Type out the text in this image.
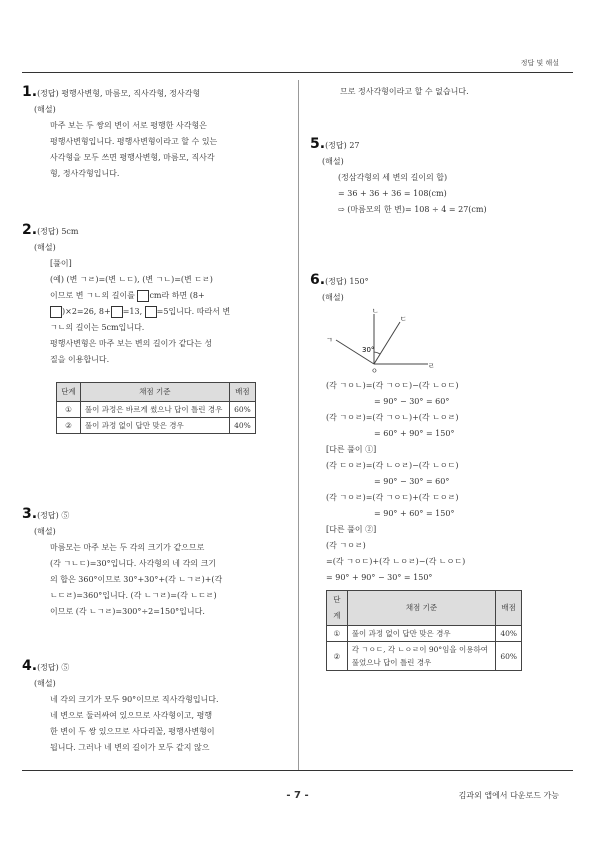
정답 및 해설
1.(정답) 평행사변형, 마름모, 직사각형, 정사각형
(해설)
마주 보는 두 쌍의 변이 서로 평행한 사각형은
평행사변형입니다. 평행사변형이라고 할 수 있는
사각형을 모두 쓰면 평행사변형, 마름모, 직사각
형, 정사각형입니다.
2.(정답) 5cm
(해설)
[풀이]
(예) (변 ㄱㄹ)=(변 ㄴㄷ), (변 ㄱㄴ)=(변 ㄷㄹ)
이므로 변 ㄱㄴ의 길이를 cm라 하면 (8+
)×2=26, 8+ =13, =5입니다. 따라서 변
ㄱㄴ의 길이는 5cm입니다.
평행사변형은 마주 보는 변의 길이가 같다는 성
질을 이용합니다.
단계	채점 기준	배점
①	풀이 과정은 바르게 썼으나 답이 틀린 경우	60%
②	풀이 과정 없이 답만 맞은 경우	40%
3.(정답) ⑤
(해설)
마름모는 마주 보는 두 각의 크기가 같으므로
(각 ㄱㄴㄷ)=30°입니다. 사각형의 네 각의 크기
의 합은 360°이므로 30°+30°+(각 ㄴㄱㄹ)+(각
ㄴㄷㄹ)=360°입니다. (각 ㄴㄱㄹ)=(각 ㄴㄷㄹ)
이므로 (각 ㄴㄱㄹ)=300°÷2=150°입니다.
4.(정답) ⑤
(해설)
네 각의 크기가 모두 90°이므로 직사각형입니다.
네 변으로 둘러싸여 있으므로 사각형이고, 평행
한 변이 두 쌍 있으므로 사다리꼴, 평행사변형이
됩니다. 그러나 네 변의 길이가 모두 같지 않으
므로 정사각형이라고 할 수 없습니다.
5.(정답) 27
(해설)
(정삼각형의 세 변의 길이의 합)
= 36 + 36 + 36 = 108(cm)
⇨ (마름모의 한 변)= 108 ÷ 4 = 27(cm)
6.(정답) 150°
(해설)
ㄴ
ㄷ
ㄱ
ㄹ
ㅇ
30°
(각 ㄱㅇㄴ)=(각 ㄱㅇㄷ)−(각 ㄴㅇㄷ)
= 90° − 30° = 60°
(각 ㄱㅇㄹ)=(각 ㄱㅇㄴ)+(각 ㄴㅇㄹ)
= 60° + 90° = 150°
[다른 풀이 ①]
(각 ㄷㅇㄹ)=(각 ㄴㅇㄹ)−(각 ㄴㅇㄷ)
= 90° − 30° = 60°
(각 ㄱㅇㄹ)=(각 ㄱㅇㄷ)+(각 ㄷㅇㄹ)
= 90° + 60° = 150°
[다른 풀이 ②]
(각 ㄱㅇㄹ)
=(각 ㄱㅇㄷ)+(각 ㄴㅇㄹ)−(각 ㄴㅇㄷ)
= 90° + 90° − 30° = 150°
단계	채점 기준	배점
①	풀이 과정 없이 답만 맞은 경우	40%
②	각 ㄱㅇㄷ, 각 ㄴㅇㄹ이 90°임을 이용하여 풀었으나 답이 틀린 경우	60%
- 7 -	김과외 앱에서 다운로드 가능
